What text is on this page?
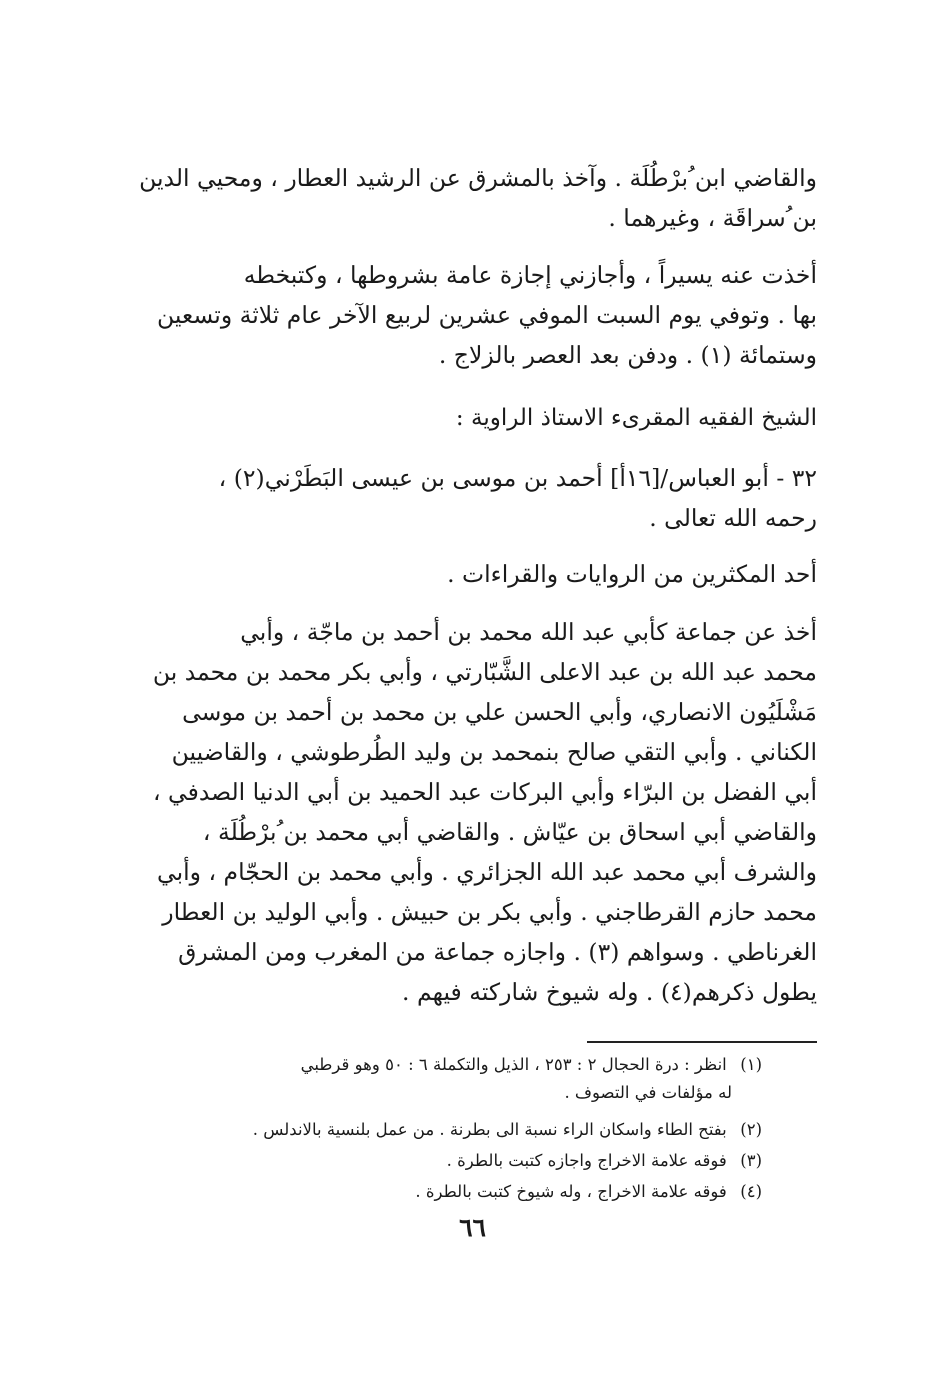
والقاضي ابن ُبرْطُلَة . وآخذ بالمشرق عن الرشيد العطار ، ومحيي الدين
بن ُسراقَة ، وغيرهما .
أخذت عنه يسيراً ، وأجازني إجازة عامة بشروطها ، وكتبخطه
بها . وتوفي يوم السبت الموفي عشرين لربيع الآخر عام ثلاثة وتسعين
وستمائة (١) . ودفن بعد العصر بالزلاج .
الشيخ الفقيه المقرىء الاستاذ الراوية :
٣٢ - أبو العباس/[١٦أ] أحمد بن موسى بن عيسى البَطَرْني(٢) ،
رحمه الله تعالى .
أحد المكثرين من الروايات والقراءات .
أخذ عن جماعة كأبي عبد الله محمد بن أحمد بن ماجّة ، وأبي
محمد عبد الله بن عبد الاعلى الشَّبّارتي ، وأبي بكر محمد بن محمد بن
مَشْلَيُون الانصاري، وأبي الحسن علي بن محمد بن أحمد بن موسى
الكناني . وأبي التقي صالح بنمحمد بن وليد الطُرطوشي ، والقاضيين
أبي الفضل بن البرّاء وأبي البركات عبد الحميد بن أبي الدنيا الصدفي ،
والقاضي أبي اسحاق بن عيّاش . والقاضي أبي محمد بن ُبرْطُلَة ،
والشرف أبي محمد عبد الله الجزائري . وأبي محمد بن الحجّام ، وأبي
محمد حازم القرطاجني . وأبي بكر بن حبيش . وأبي الوليد بن العطار
الغرناطي . وسواهم (٣) . واجازه جماعة من المغرب ومن المشرق
يطول ذكرهم(٤) . وله شيوخ شاركته فيهم .
(١) انظر : درة الحجال ٢ : ٢٥٣ ، الذيل والتكملة ٦ : ٥٠ وهو قرطبي
له مؤلفات في التصوف .
(٢) بفتح الطاء واسكان الراء نسبة الى بطرنة . من عمل بلنسية بالاندلس .
(٣) فوقه علامة الاخراج واجازه كتبت بالطرة .
(٤) فوقه علامة الاخراج ، وله شيوخ كتبت بالطرة .
٦٦
